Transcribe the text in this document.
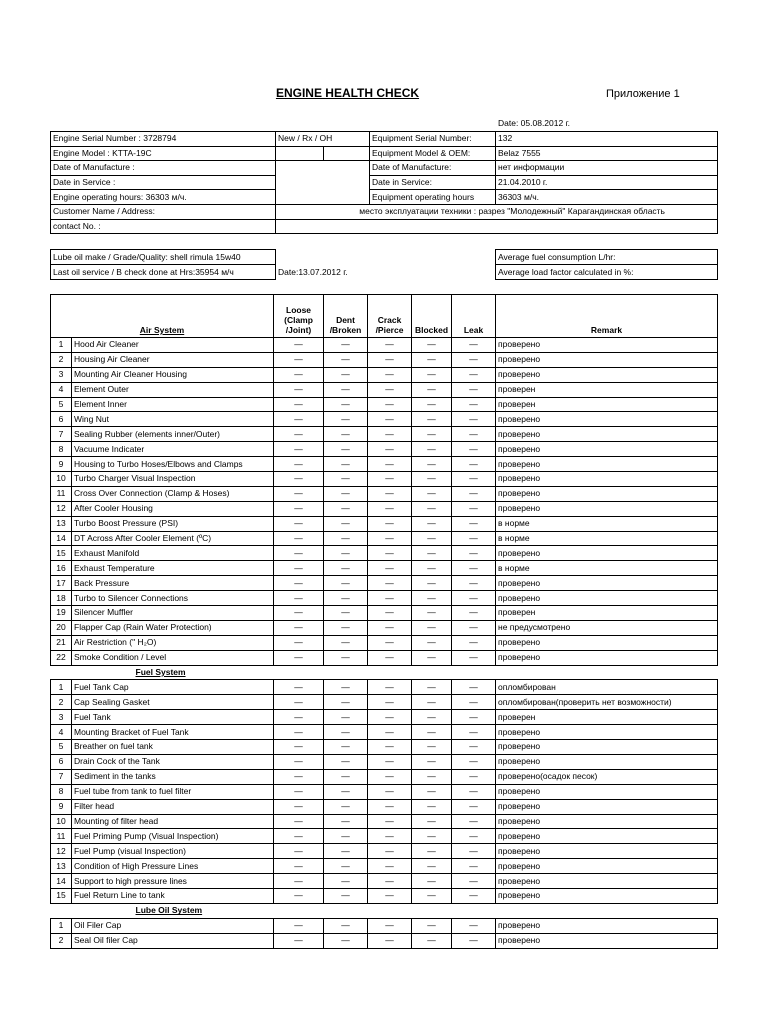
ENGINE HEALTH CHECK	Приложение 1
Date: 05.08.2012 г.
Engine Serial Number : 3728794	New / Rx / OH		Equipment Serial Number:	132
Engine Model : KTTA-19C			Equipment Model & OEM:	Belaz 7555
Date of Manufacture :			Date of Manufacture:	нет информации
Date in Service :			Date in Service:	21.04.2010 г.
Engine operating hours: 36303 м/ч.			Equipment operating hours	36303 м/ч.
Customer Name / Address:	место эксплуатации техники : разрез "Молодежный" Карагандинская область			
contact No. :				
Lube oil make / Grade/Quality: shell rimula 15w40		Average fuel consumption L/hr:
Last oil service / B check done at Hrs:35954 м/ч	Date:13.07.2012 г.	Average load factor calculated in %:
Air System		Loose (Clamp /Joint)	Dent /Broken	Crack /Pierce	Blocked	Leak	Remark
1	Hood Air Cleaner	—	—	—	—	—	проверено
2	Housing Air Cleaner	—	—	—	—	—	проверено
3	Mounting Air Cleaner Housing	—	—	—	—	—	проверено
4	Element Outer	—	—	—	—	—	проверен
5	Element Inner	—	—	—	—	—	проверен
6	Wing Nut	—	—	—	—	—	проверено
7	Sealing Rubber (elements inner/Outer)	—	—	—	—	—	проверено
8	Vacuume Indicater	—	—	—	—	—	проверено
9	Housing to Turbo Hoses/Elbows and Clamps	—	—	—	—	—	проверено
10	Turbo Charger Visual Inspection	—	—	—	—	—	проверено
11	Cross Over Connection (Clamp & Hoses)	—	—	—	—	—	проверено
12	After Cooler Housing	—	—	—	—	—	проверено
13	Turbo Boost Pressure (PSI)	—	—	—	—	—	в норме
14	DT Across After Cooler Element (ºC)	—	—	—	—	—	в норме
15	Exhaust Manifold	—	—	—	—	—	проверено
16	Exhaust Temperature	—	—	—	—	—	в норме
17	Back Pressure	—	—	—	—	—	проверено
18	Turbo to Silencer Connections	—	—	—	—	—	проверено
19	Silencer Muffler	—	—	—	—	—	проверен
20	Flapper Cap (Rain Water Protection)	—	—	—	—	—	не предусмотрено
21	Air Restriction (" H₂O)	—	—	—	—	—	проверено
22	Smoke Condition / Level	—	—	—	—	—	проверено
Fuel System							
1	Fuel Tank Cap	—	—	—	—	—	опломбирован
2	Cap Sealing Gasket	—	—	—	—	—	опломбирован(проверить нет возможности)
3	Fuel Tank	—	—	—	—	—	проверен
4	Mounting Bracket of Fuel Tank	—	—	—	—	—	проверено
5	Breather on fuel tank	—	—	—	—	—	проверено
6	Drain Cock of the Tank	—	—	—	—	—	проверено
7	Sediment in the tanks	—	—	—	—	—	проверено(осадок песок)
8	Fuel tube from tank to fuel filter	—	—	—	—	—	проверено
9	Filter head	—	—	—	—	—	проверено
10	Mounting of filter head	—	—	—	—	—	проверено
11	Fuel Priming Pump (Visual Inspection)	—	—	—	—	—	проверено
12	Fuel Pump (visual Inspection)	—	—	—	—	—	проверено
13	Condition of High Pressure Lines	—	—	—	—	—	проверено
14	Support to high pressure lines	—	—	—	—	—	проверено
15	Fuel Return Line to tank	—	—	—	—	—	проверено
Lube Oil System							
1	Oil Filer Cap	—	—	—	—	—	проверено
2	Seal Oil filer Cap	—	—	—	—	—	проверено
